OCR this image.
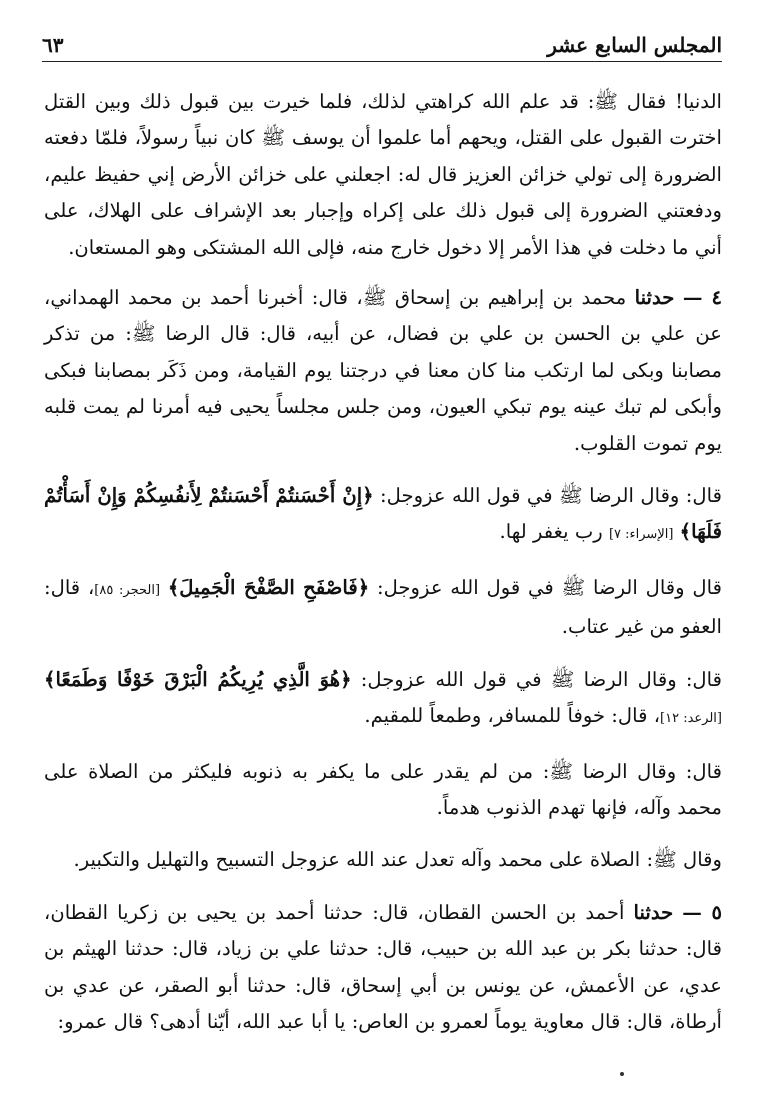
المجلس السابع عشر
٦٣

الدنيا! فقال ﷺ: قد علم الله كراهتي لذلك، فلما خيرت بين قبول ذلك وبين القتل اخترت القبول على القتل، ويحهم أما علموا أن يوسف ﷺ كان نبياً رسولاً، فلمّا دفعته الضرورة إلى تولي خزائن العزيز قال له: اجعلني على خزائن الأرض إني حفيظ عليم، ودفعتني الضرورة إلى قبول ذلك على إكراه وإجبار بعد الإشراف على الهلاك، على أني ما دخلت في هذا الأمر إلا دخول خارج منه، فإلى الله المشتكى وهو المستعان.

٤ — حدثنا محمد بن إبراهيم بن إسحاق ﷺ، قال: أخبرنا أحمد بن محمد الهمداني، عن علي بن الحسن بن علي بن فضال، عن أبيه، قال: قال الرضا ﷺ: من تذكر مصابنا وبكى لما ارتكب منا كان معنا في درجتنا يوم القيامة، ومن ذَكَر بمصابنا فبكى وأبكى لم تبك عينه يوم تبكي العيون، ومن جلس مجلساً يحيى فيه أمرنا لم يمت قلبه يوم تموت القلوب.

قال: وقال الرضا ﷺ في قول الله عزوجل: ﴿إِنْ أَحْسَنتُمْ أَحْسَنتُمْ لِأَنفُسِكُمْ وَإِنْ أَسَأْتُمْ فَلَهَا﴾ [الإسراء: ٧] رب يغفر لها.

قال وقال الرضا ﷺ في قول الله عزوجل: ﴿فَاصْفَحِ الصَّفْحَ الْجَمِيلَ﴾ [الحجر: ٨٥]، قال: العفو من غير عتاب.

قال: وقال الرضا ﷺ في قول الله عزوجل: ﴿هُوَ الَّذِي يُرِيكُمُ الْبَرْقَ خَوْفًا وَطَمَعًا﴾ [الرعد: ١٢]، قال: خوفاً للمسافر، وطمعاً للمقيم.

قال: وقال الرضا ﷺ: من لم يقدر على ما يكفر به ذنوبه فليكثر من الصلاة على محمد وآله، فإنها تهدم الذنوب هدماً.

وقال ﷺ: الصلاة على محمد وآله تعدل عند الله عزوجل التسبيح والتهليل والتكبير.

٥ — حدثنا أحمد بن الحسن القطان، قال: حدثنا أحمد بن يحيى بن زكريا القطان، قال: حدثنا بكر بن عبد الله بن حبيب، قال: حدثنا علي بن زياد، قال: حدثنا الهيثم بن عدي، عن الأعمش، عن يونس بن أبي إسحاق، قال: حدثنا أبو الصقر، عن عدي بن أرطاة، قال: قال معاوية يوماً لعمرو بن العاص: يا أبا عبد الله، أيّنا أدهى؟ قال عمرو:
